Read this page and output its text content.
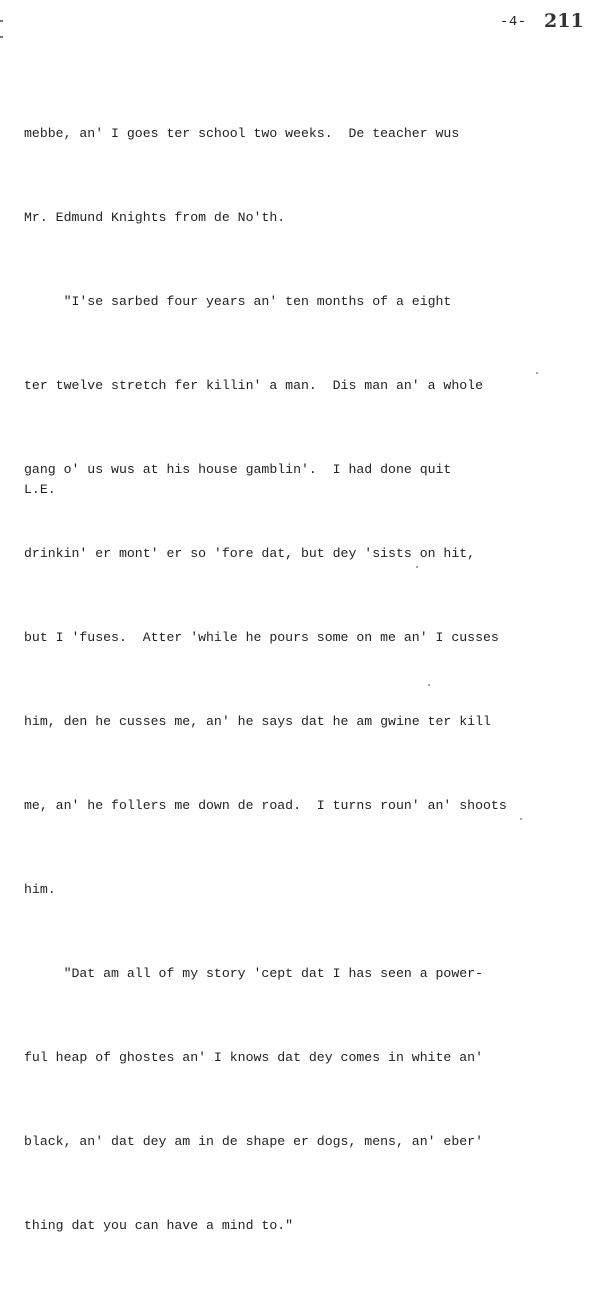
-4- 211

mebbe, an' I goes ter school two weeks.  De teacher wus

Mr. Edmund Knights from de No'th.

"I'se sarbed four years an' ten months of a eight

ter twelve stretch fer killin' a man.  Dis man an' a whole

gang o' us wus at his house gamblin'.  I had done quit

drinkin' er mont' er so 'fore dat, but dey 'sists on hit,

but I 'fuses.  Atter 'while he pours some on me an' I cusses

him, den he cusses me, an' he says dat he am gwine ter kill

me, an' he follers me down de road.  I turns roun' an' shoots

him.

"Dat am all of my story 'cept dat I has seen a power-

ful heap of ghostes an' I knows dat dey comes in white an'

black, an' dat dey am in de shape er dogs, mens, an' eber'

thing dat you can have a mind to."

L.E.
